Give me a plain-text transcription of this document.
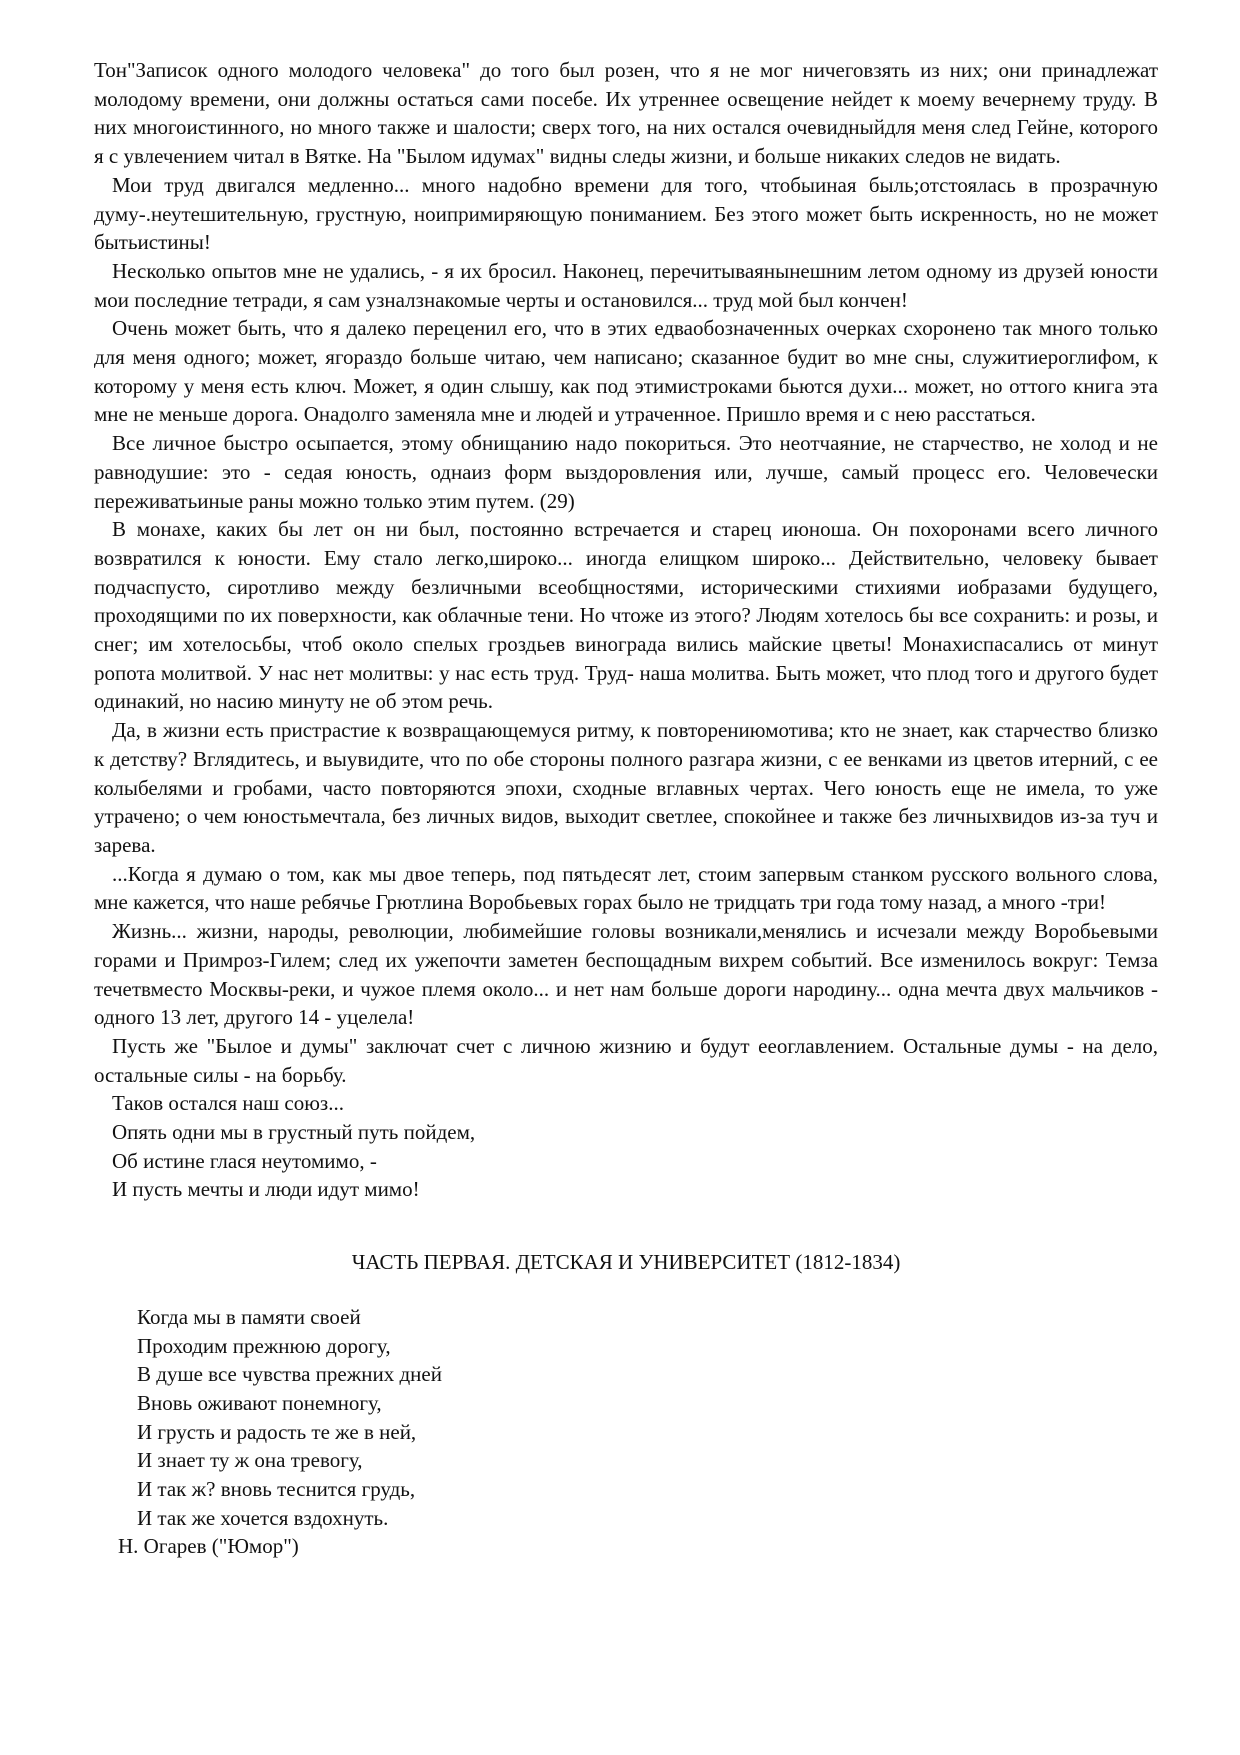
Тон"Записок одного молодого человека" до того был розен, что я не мог ничеговзять из них; они принадлежат молодому времени, они должны остаться сами посебе. Их утреннее освещение нейдет к моему вечернему труду. В них многоистинного, но много также и шалости; сверх того, на них остался очевидныйдля меня след Гейне, которого я с увлечением читал в Вятке. На "Былом идумах" видны следы жизни, и больше никаких следов не видать.

Мои труд двигался медленно... много надобно времени для того, чтобыиная быль;отстоялась в прозрачную думу-.неутешительную, грустную, ноипримиряющую пониманием. Без этого может быть искренность, но не может бытьистины!

Несколько опытов мне не удались, - я их бросил. Наконец, перечитываянынешним летом одному из друзей юности мои последние тетради, я сам узналзнакомые черты и остановился... труд мой был кончен!

Очень может быть, что я далеко переценил его, что в этих едваобозначенных очерках схоронено так много только для меня одного; может, ягораздо больше читаю, чем написано; сказанное будит во мне сны, служитиероглифом, к которому у меня есть ключ. Может, я один слышу, как под этимистроками бьются духи... может, но оттого книга эта мне не меньше дорога. Онадолго заменяла мне и людей и утраченное. Пришло время и с нею расстаться.

Все личное быстро осыпается, этому обнищанию надо покориться. Это неотчаяние, не старчество, не холод и не равнодушие: это - седая юность, однаиз форм выздоровления или, лучше, самый процесс его. Человечески переживатьиные раны можно только этим путем. (29)

В монахе, каких бы лет он ни был, постоянно встречается и старец июноша. Он похоронами всего личного возвратился к юности. Ему стало легко,широко... иногда елищком широко... Действительно, человеку бывает подчаспусто, сиротливо между безличными всеобщностями, историческими стихиями иобразами будущего, проходящими по их поверхности, как облачные тени. Но чтоже из этого? Людям хотелось бы все сохранить: и розы, и снег; им хотелосьбы, чтоб около спелых гроздьев винограда вились майские цветы! Монахиспасались от минут ропота молитвой. У нас нет молитвы: у нас есть труд. Труд- наша молитва. Быть может, что плод того и другого будет одинакий, но насию минуту не об этом речь.

Да, в жизни есть пристрастие к возвращающемуся ритму, к повторениюмотива; кто не знает, как старчество близко к детству? Вглядитесь, и выувидите, что по обе стороны полного разгара жизни, с ее венками из цветов итерний, с ее колыбелями и гробами, часто повторяются эпохи, сходные вглавных чертах. Чего юность еще не имела, то уже утрачено; о чем юностьмечтала, без личных видов, выходит светлее, спокойнее и также без личныхвидов из-за туч и зарева.

...Когда я думаю о том, как мы двое теперь, под пятьдесят лет, стоим запервым станком русского вольного слова, мне кажется, что наше ребячье Грютлина Воробьевых горах было не тридцать три года тому назад, а много -три!

Жизнь... жизни, народы, революции, любимейшие головы возникали,менялись и исчезали между Воробьевыми горами и Примроз-Гилем; след их ужепочти заметен беспощадным вихрем событий. Все изменилось вокруг: Темза течетвместо Москвы-реки, и чужое племя около... и нет нам больше дороги народину... одна мечта двух мальчиков - одного 13 лет, другого 14 - уцелела!

Пусть же "Былое и думы" заключат счет с личною жизнию и будут ееоглавлением. Остальные думы - на дело, остальные силы - на борьбу.

Таков остался наш союз...

Опять одни мы в грустный путь пойдем,

Об истине глася неутомимо, -

И пусть мечты и люди идут мимо!

ЧАСТЬ ПЕРВАЯ. ДЕТСКАЯ И УНИВЕРСИТЕТ (1812-1834)

Когда мы в памяти своей

Проходим прежнюю дорогу,

В душе все чувства прежних дней

Вновь оживают понемногу,

И грусть и радость те же в ней,

И знает ту ж она тревогу,

И так ж? вновь теснится грудь,

И так же хочется вздохнуть.

Н. Огарев ("Юмор")
